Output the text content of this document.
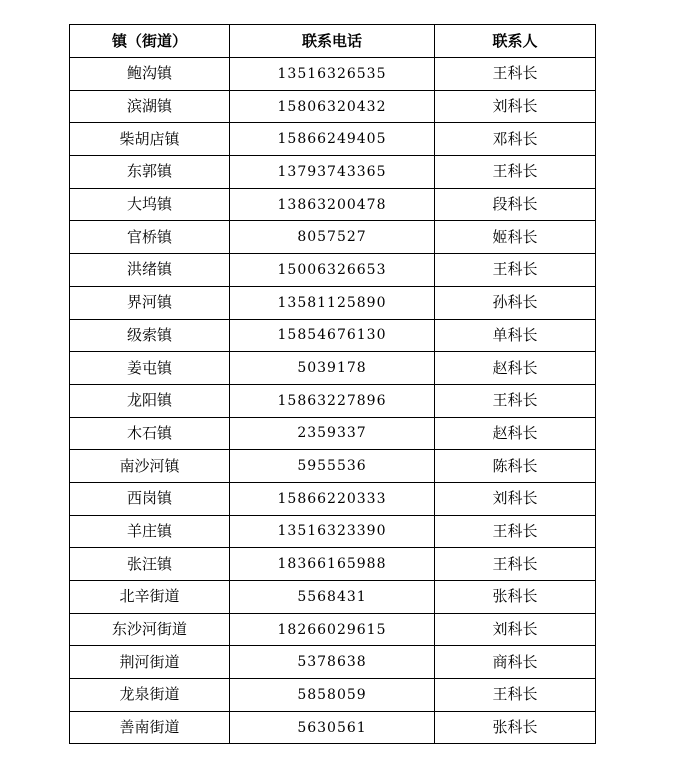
镇（街道）	联系电话	联系人
鲍沟镇	13516326535	王科长
滨湖镇	15806320432	刘科长
柴胡店镇	15866249405	邓科长
东郭镇	13793743365	王科长
大坞镇	13863200478	段科长
官桥镇	8057527	姬科长
洪绪镇	15006326653	王科长
界河镇	13581125890	孙科长
级索镇	15854676130	单科长
姜屯镇	5039178	赵科长
龙阳镇	15863227896	王科长
木石镇	2359337	赵科长
南沙河镇	5955536	陈科长
西岗镇	15866220333	刘科长
羊庄镇	13516323390	王科长
张汪镇	18366165988	王科长
北辛街道	5568431	张科长
东沙河街道	18266029615	刘科长
荆河街道	5378638	商科长
龙泉街道	5858059	王科长
善南街道	5630561	张科长
